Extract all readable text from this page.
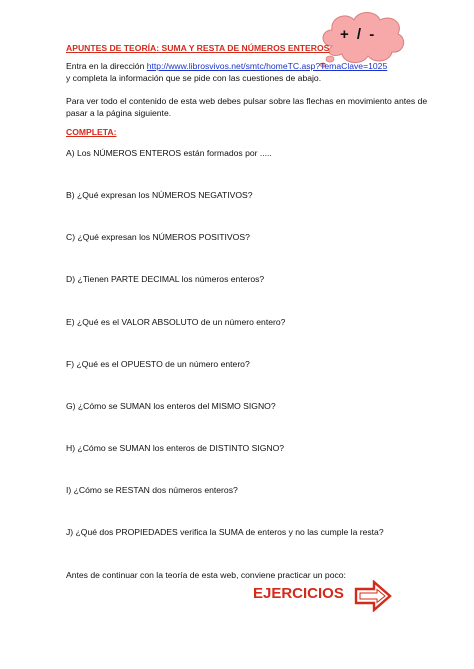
+ / -
APUNTES DE TEORÍA: SUMA Y RESTA DE NÚMEROS ENTEROS
Entra en la dirección http://www.librosvivos.net/smtc/homeTC.asp?TemaClave=1025
y completa la información que se pide con las cuestiones de abajo.
Para ver todo el contenido de esta web debes pulsar sobre las flechas en movimiento antes de
pasar a la página siguiente.
COMPLETA:
A) Los NÚMEROS ENTEROS están formados por .....
B) ¿Qué expresan los NÚMEROS NEGATIVOS?
C) ¿Qué expresan los NÚMEROS POSITIVOS?
D) ¿Tienen PARTE DECIMAL los números enteros?
E) ¿Qué es el VALOR ABSOLUTO de un número entero?
F) ¿Qué es el OPUESTO de un número entero?
G) ¿Cómo se SUMAN los enteros del MISMO SIGNO?
H) ¿Cómo se SUMAN los enteros de DISTINTO SIGNO?
I) ¿Cómo se RESTAN dos números enteros?
J) ¿Qué dos PROPIEDADES verifica la SUMA de enteros y no las cumple la resta?
Antes de continuar con la teoría de esta web, conviene practicar un poco:
EJERCICIOS
